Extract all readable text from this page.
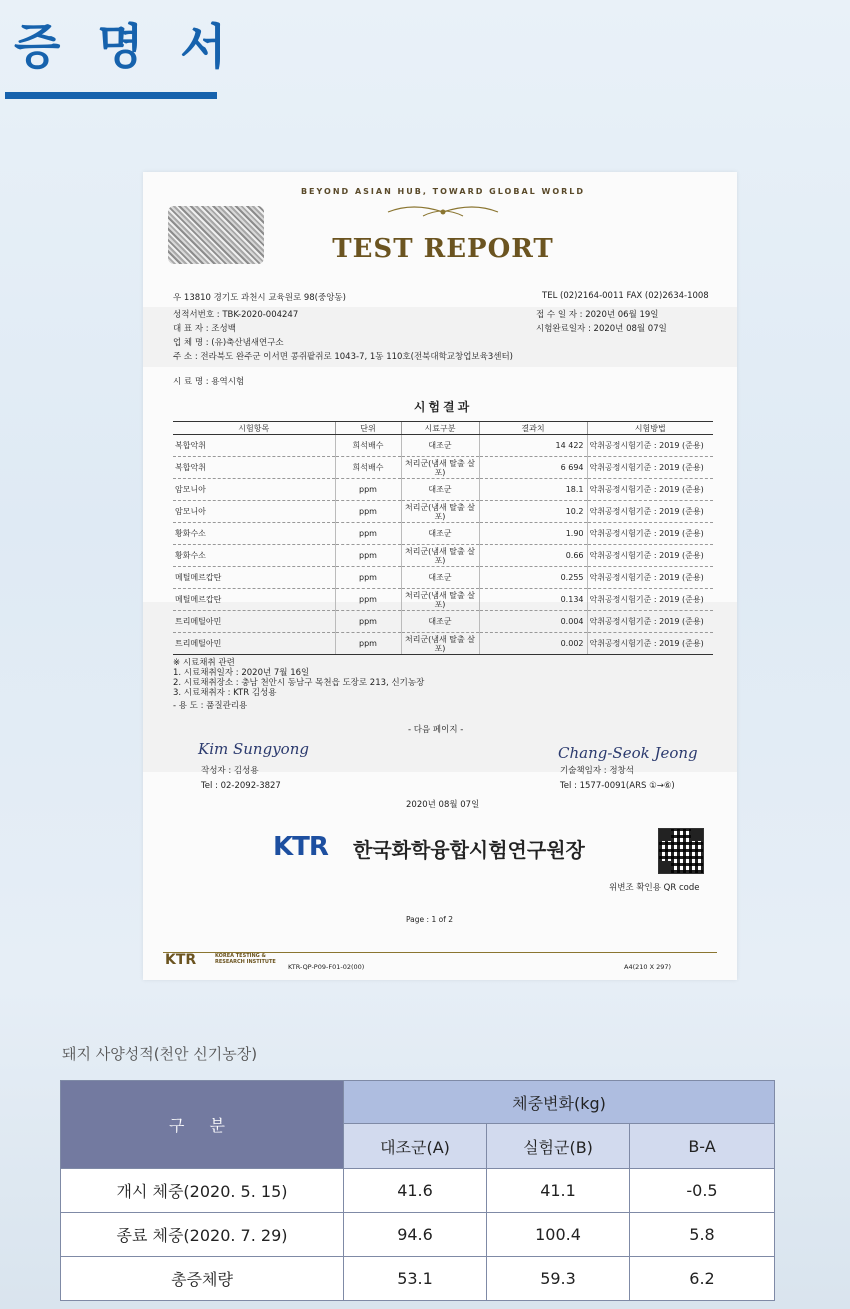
증 명 서
BEYOND ASIAN HUB, TOWARD GLOBAL WORLD
TEST REPORT
우 13810 경기도 과천시 교육원로 98(중앙동)	TEL (02)2164-0011 FAX (02)2634-1008
성적서번호 : TBK-2020-004247	접 수 일 자 : 2020년 06월 19일
대 표 자 : 조성백	시험완료일자 : 2020년 08월 07일
업 체 명 : (유)축산냄새연구소
주 소 : 전라북도 완주군 이서면 콩쥐팥쥐로 1043-7, 1동 110호(전북대학교창업보육3센터)
시 료 명 : 용역시험
시험결과
시험항목	단위	시료구분	결과치	시험방법
복합악취	희석배수	대조군	14 422	악취공정시험기준 : 2019 (준용)
복합악취	희석배수	처리군(냄새 탈출 살포)	6 694	악취공정시험기준 : 2019 (준용)
암모니아	ppm	대조군	18.1	악취공정시험기준 : 2019 (준용)
암모니아	ppm	처리군(냄새 탈출 살포)	10.2	악취공정시험기준 : 2019 (준용)
황화수소	ppm	대조군	1.90	악취공정시험기준 : 2019 (준용)
황화수소	ppm	처리군(냄새 탈출 살포)	0.66	악취공정시험기준 : 2019 (준용)
메틸메르캅탄	ppm	대조군	0.255	악취공정시험기준 : 2019 (준용)
메틸메르캅탄	ppm	처리군(냄새 탈출 살포)	0.134	악취공정시험기준 : 2019 (준용)
트리메틸아민	ppm	대조군	0.004	악취공정시험기준 : 2019 (준용)
트리메틸아민	ppm	처리군(냄새 탈출 살포)	0.002	악취공정시험기준 : 2019 (준용)
※ 시료채취 관련
1. 시료채취일자 : 2020년 7월 16일
2. 시료채취장소 : 충남 천안시 동남구 목천읍 도장로 213, 신기농장
3. 시료채취자 : KTR 김성용
- 용 도 : 품질관리용
- 다음 페이지 -
Kim Sungyong
작성자 : 김성용
Tel : 02-2092-3827
Chang-Seok Jeong
기술책임자 : 정창석
Tel : 1577-0091(ARS ①→⑥)
2020년 08월 07일
KTR 한국화학융합시험연구원장
위변조 확인용 QR code
Page : 1 of 2
KTR	KOREA TESTING & RESEARCH INSTITUTE
KTR-QP-P09-F01-02(00)	A4(210 X 297)
돼지 사양성적(천안 신기농장)
구 분	체중변화(kg)		
	대조군(A)	실험군(B)	B-A
개시 체중(2020. 5. 15)	41.6	41.1	-0.5
종료 체중(2020. 7. 29)	94.6	100.4	5.8
총증체량	53.1	59.3	6.2
